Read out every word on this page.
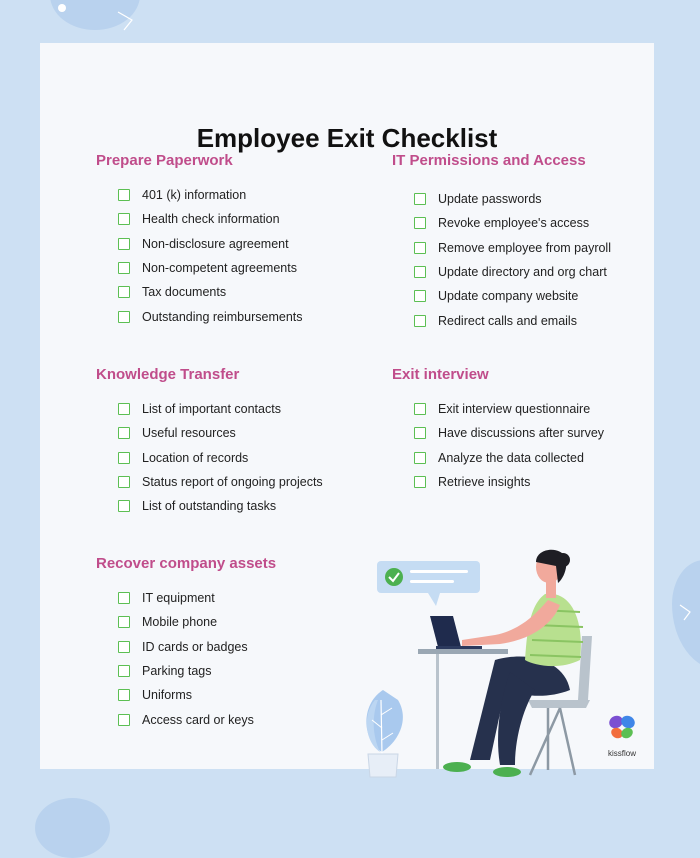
Employee Exit Checklist
Prepare Paperwork
401 (k) information
Health check information
Non-disclosure agreement
Non-competent agreements
Tax documents
Outstanding reimbursements
IT Permissions and Access
Update passwords
Revoke employee's access
Remove employee from payroll
Update directory and org chart
Update company website
Redirect calls and emails
Knowledge Transfer
List of important contacts
Useful resources
Location of records
Status report of ongoing projects
List of outstanding tasks
Exit interview
Exit interview questionnaire
Have discussions after survey
Analyze the data collected
Retrieve insights
Recover company assets
IT equipment
Mobile phone
ID cards or badges
Parking tags
Uniforms
Access card or keys
kissflow
